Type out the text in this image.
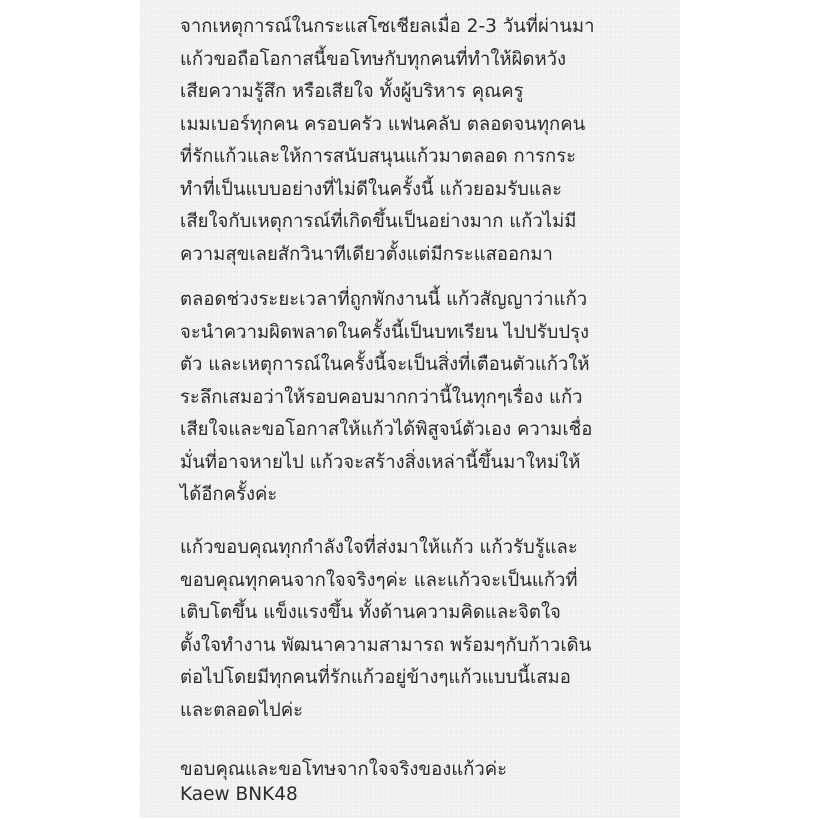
จากเหตุการณ์ในกระแสโซเชียลเมื่อ 2-3 วันที่ผ่านมา
แก้วขอถือโอกาสนี้ขอโทษกับทุกคนที่ทำให้ผิดหวัง
เสียความรู้สึก หรือเสียใจ ทั้งผู้บริหาร คุณครู
เมมเบอร์ทุกคน ครอบครัว แฟนคลับ ตลอดจนทุกคน
ที่รักแก้วและให้การสนับสนุนแก้วมาตลอด การกระ
ทำที่เป็นแบบอย่างที่ไม่ดีในครั้งนี้ แก้วยอมรับและ
เสียใจกับเหตุการณ์ที่เกิดขึ้นเป็นอย่างมาก แก้วไม่มี
ความสุขเลยสักวินาทีเดียวตั้งแต่มีกระแสออกมา

ตลอดช่วงระยะเวลาที่ถูกพักงานนี้ แก้วสัญญาว่าแก้ว
จะนำความผิดพลาดในครั้งนี้เป็นบทเรียน ไปปรับปรุง
ตัว และเหตุการณ์ในครั้งนี้จะเป็นสิ่งที่เตือนตัวแก้วให้
ระลึกเสมอว่าให้รอบคอบมากกว่านี้ในทุกๆเรื่อง แก้ว
เสียใจและขอโอกาสให้แก้วได้พิสูจน์ตัวเอง ความเชื่อ
มั่นที่อาจหายไป แก้วจะสร้างสิ่งเหล่านี้ขึ้นมาใหม่ให้
ได้อีกครั้งค่ะ

แก้วขอบคุณทุกกำลังใจที่ส่งมาให้แก้ว แก้วรับรู้และ
ขอบคุณทุกคนจากใจจริงๆค่ะ และแก้วจะเป็นแก้วที่
เติบโตขึ้น แข็งแรงขึ้น ทั้งด้านความคิดและจิตใจ
ตั้งใจทำงาน พัฒนาความสามารถ พร้อมๆกับก้าวเดิน
ต่อไปโดยมีทุกคนที่รักแก้วอยู่ข้างๆแก้วแบบนี้เสมอ
และตลอดไปค่ะ

ขอบคุณและขอโทษจากใจจริงของแก้วค่ะ
Kaew BNK48
